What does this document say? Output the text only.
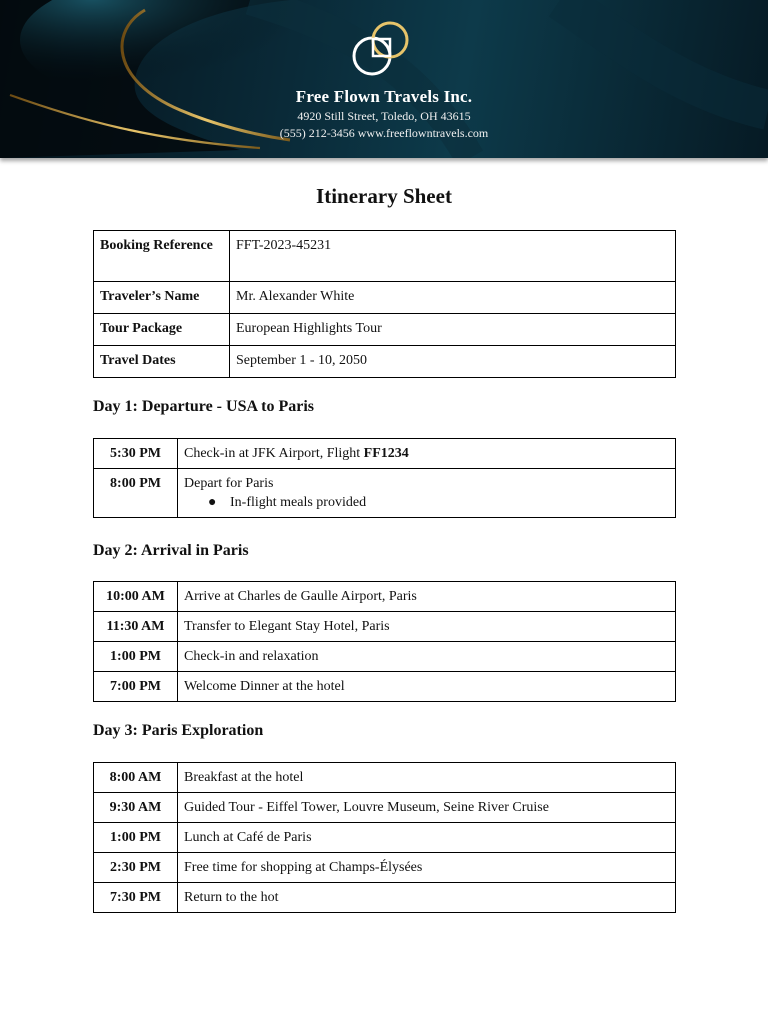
Free Flown Travels Inc.
4920 Still Street, Toledo, OH 43615
(555) 212-3456 www.freeflowntravels.com
Itinerary Sheet
Booking Reference	FFT-2023-45231
Traveler’s Name	Mr. Alexander White
Tour Package	European Highlights Tour
Travel Dates	September 1 - 10, 2050
Day 1: Departure - USA to Paris
5:30 PM	Check-in at JFK Airport, Flight FF1234
8:00 PM	Depart for Paris
● In-flight meals provided
Day 2: Arrival in Paris
10:00 AM	Arrive at Charles de Gaulle Airport, Paris
11:30 AM	Transfer to Elegant Stay Hotel, Paris
1:00 PM	Check-in and relaxation
7:00 PM	Welcome Dinner at the hotel
Day 3: Paris Exploration
8:00 AM	Breakfast at the hotel
9:30 AM	Guided Tour - Eiffel Tower, Louvre Museum, Seine River Cruise
1:00 PM	Lunch at Café de Paris
2:30 PM	Free time for shopping at Champs-Élysées
7:30 PM	Return to the hot
